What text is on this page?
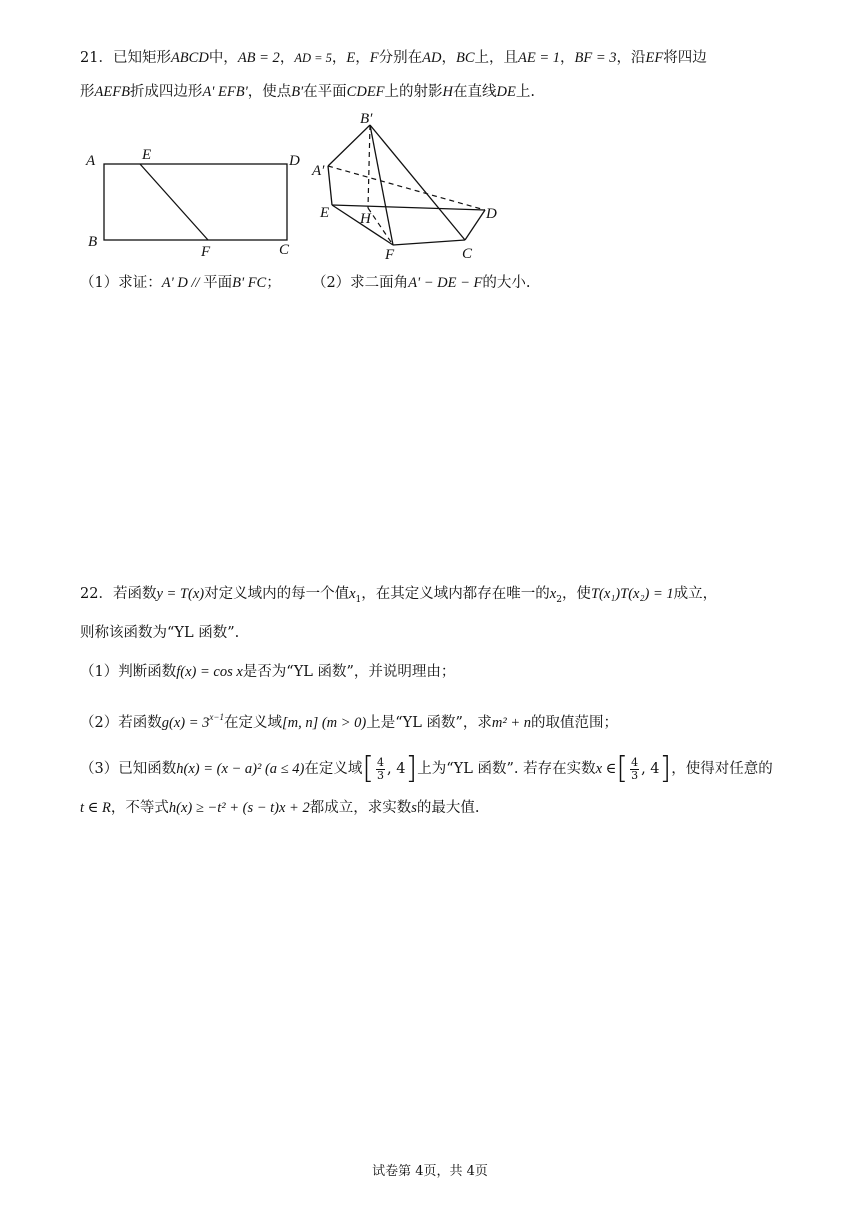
21．已知矩形ABCD中，AB = 2，AD = 5，E，F分别在AD，BC上，且AE = 1，BF = 3，沿EF将四边
形AEFB折成四边形A' EFB'，使点B'在平面CDEF上的射影H在直线DE上.
A	E	D
B
F	C
B′
A′
E H	D
F	C
（1）求证：A' D // 平面B' FC； （2）求二面角A' − DE − F的大小.
22．若函数y = T(x)对定义域内的每一个值$x_1$，在其定义域内都存在唯一的$x_2$，使T(x₁)T(x₂) = 1成立，
则称该函数为“YL 函数”.
（1）判断函数f(x) = cos x是否为“YL 函数”，并说明理由；
（2）若函数$g(x) = 3^{x-1}$在定义域[m, n] (m > 0)上是“YL 函数”，求m² + n的取值范围；
（3）已知函数h(x) = (x − a)² (a ≤ 4)在定义域[ $\frac{4}{3}$ , 4]上为“YL 函数”. 若存在实数x ∈[ $\frac{4}{3}$ , 4]，使得对任意的
t ∈ R，不等式h(x) ≥ −t² + (s − t)x + 2都成立，求实数s的最大值.
试卷第 4页，共 4页
